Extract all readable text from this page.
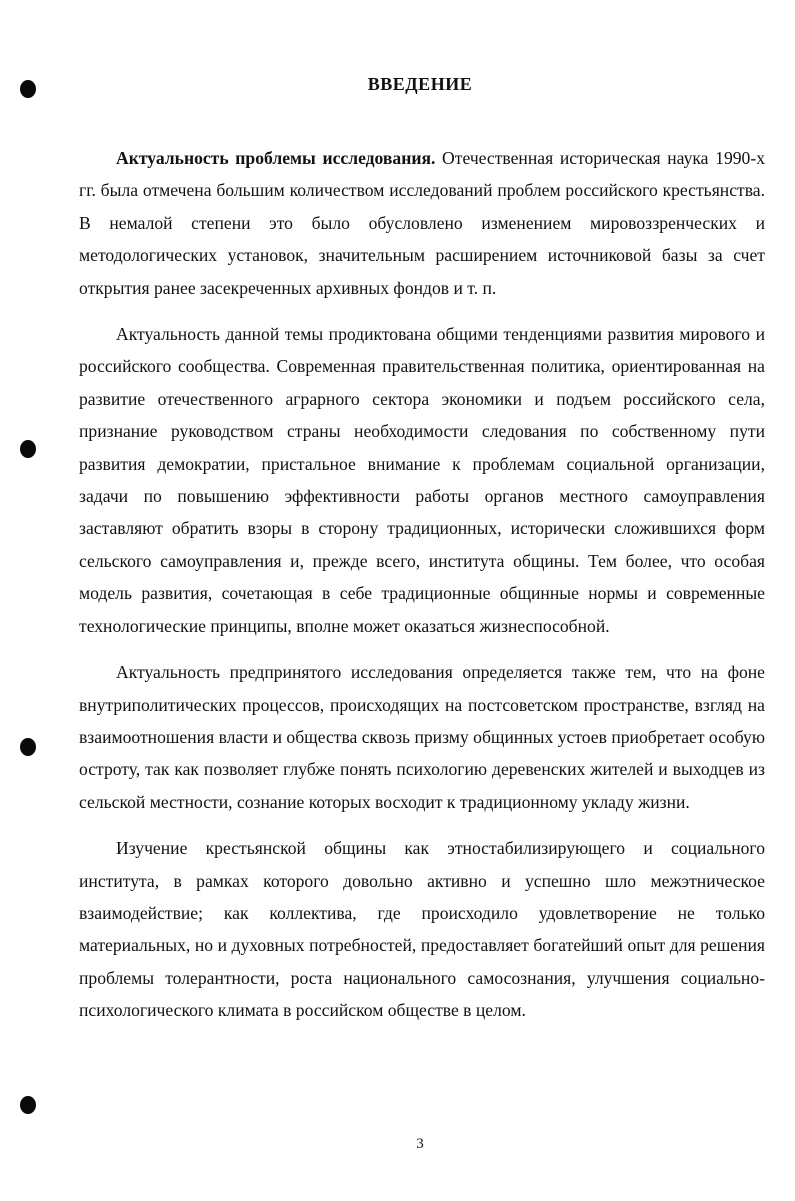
ВВЕДЕНИЕ

Актуальность проблемы исследования. Отечественная историческая наука 1990-х гг. была отмечена большим количеством исследований проблем российского крестьянства. В немалой степени это было обусловлено изменением мировоззренческих и методологических установок, значительным расширением источниковой базы за счет открытия ранее засекреченных архивных фондов и т. п.

Актуальность данной темы продиктована общими тенденциями развития мирового и российского сообщества. Современная правительственная политика, ориентированная на развитие отечественного аграрного сектора экономики и подъем российского села, признание руководством страны необходимости следования по собственному пути развития демократии, пристальное внимание к проблемам социальной организации, задачи по повышению эффективности работы органов местного самоуправления заставляют обратить взоры в сторону традиционных, исторически сложившихся форм сельского самоуправления и, прежде всего, института общины. Тем более, что особая модель развития, сочетающая в себе традиционные общинные нормы и современные технологические принципы, вполне может оказаться жизнеспособной.

Актуальность предпринятого исследования определяется также тем, что на фоне внутриполитических процессов, происходящих на постсоветском пространстве, взгляд на взаимоотношения власти и общества сквозь призму общинных устоев приобретает особую остроту, так как позволяет глубже понять психологию деревенских жителей и выходцев из сельской местности, сознание которых восходит к традиционному укладу жизни.

Изучение крестьянской общины как этностабилизирующего и социального института, в рамках которого довольно активно и успешно шло межэтническое взаимодействие; как коллектива, где происходило удовлетворение не только материальных, но и духовных потребностей, предоставляет богатейший опыт для решения проблемы толерантности, роста национального самосознания, улучшения социально-психологического климата в российском обществе в целом.

3
